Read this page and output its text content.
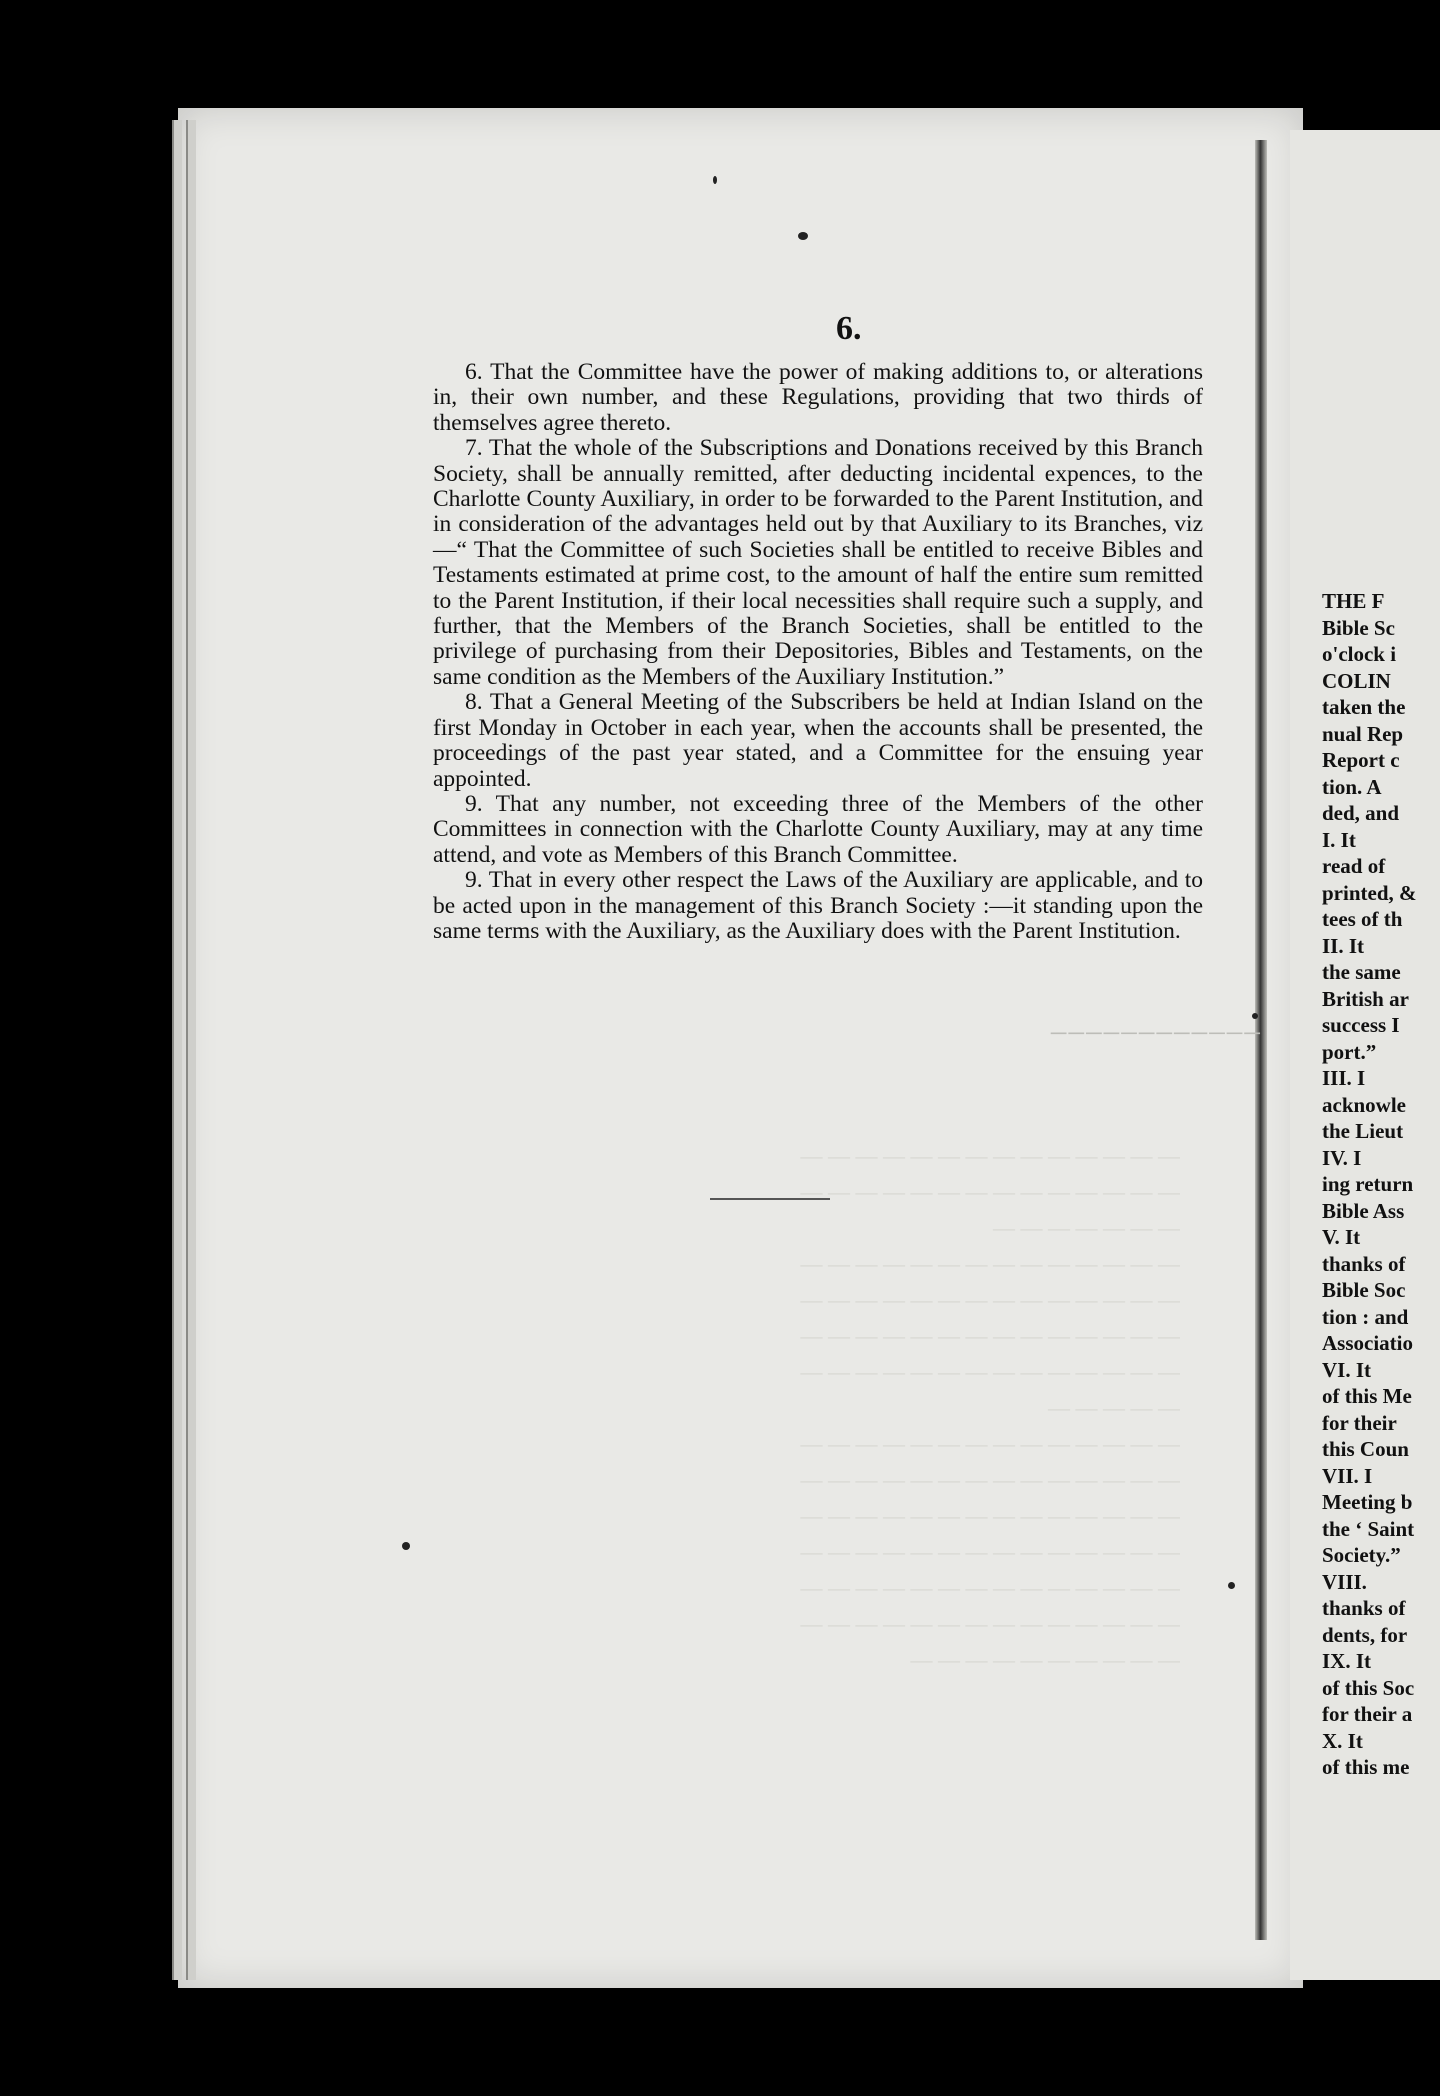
────────────
6.

6. That the Committee have the power of making additions to, or alterations in, their own number, and these Regulations, providing that two thirds of themselves agree thereto.

7. That the whole of the Subscriptions and Donations received by this Branch Society, shall be annually remitted, after deducting incidental expences, to the Charlotte County Auxiliary, in order to be forwarded to the Parent Institution, and in consideration of the advantages held out by that Auxiliary to its Branches, viz—“ That the Committee of such Societies shall be entitled to receive Bibles and Testaments estimated at prime cost, to the amount of half the entire sum remitted to the Parent Institution, if their local necessities shall require such a supply, and further, that the Members of the Branch Societies, shall be entitled to the privilege of purchasing from their Depositories, Bibles and Testaments, on the same condition as the Members of the Auxiliary Institution.”

8. That a General Meeting of the Subscribers be held at Indian Island on the first Monday in October in each year, when the accounts shall be presented, the proceedings of the past year stated, and a Committee for the ensuing year appointed.

9. That any number, not exceeding three of the Members of the other Committees in connection with the Charlotte County Auxiliary, may at any time attend, and vote as Members of this Branch Committee.

9. That in every other respect the Laws of the Auxiliary are applicable, and to be acted upon in the management of this Branch Society :—it standing upon the same terms with the Auxiliary, as the Auxiliary does with the Parent Institution.

— — — — — — — — — — — — — —

— — — — — — — — — — — — — —

— — — — — — —

— — — — — — — — — — — — — —

— — — — — — — — — — — — — —

— — — — — — — — — — — — — —

— — — — — — — — — — — — — —

— — — — —

— — — — — — — — — — — — — —

— — — — — — — — — — — — — —

— — — — — — — — — — — — — —

— — — — — — — — — — — — — —

— — — — — — — — — — — — — —

— — — — — — — — — — — — — —

— — — — — — — — — —

THE F
Bible Sc
o'clock i
COLIN
taken the
nual Rep
Report c
tion. A
ded, and
I. It
read of
printed, &
tees of th
II. It
the same
British ar
success I
port.”
III. I
acknowle
the Lieut
IV. I
ing return
Bible Ass
V. It
thanks of
Bible Soc
tion : and
Associatio
VI. It
of this Me
for their
this Coun
VII. I
Meeting b
the ‘ Saint
Society.”
VIII.
thanks of
dents, for
IX. It
of this Soc
for their a
X. It
of this me
